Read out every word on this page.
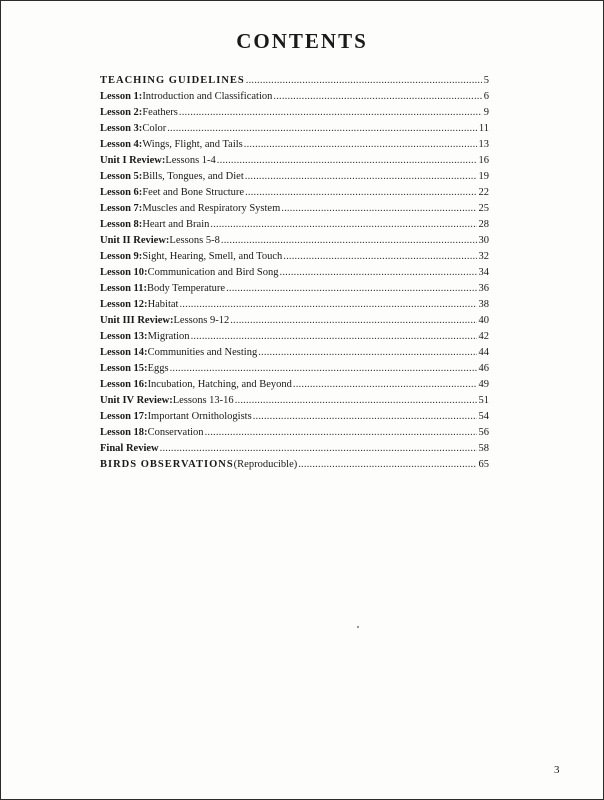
CONTENTS
TEACHING GUIDELINES .....	5
Lesson 1: Introduction and Classification .....	6
Lesson 2: Feathers .....	9
Lesson 3: Color .....	11
Lesson 4: Wings, Flight, and Tails .....	13
Unit I Review: Lessons 1-4 .....	16
Lesson 5: Bills, Tongues, and Diet .....	19
Lesson 6: Feet and Bone Structure .....	22
Lesson 7: Muscles and Respiratory System .....	25
Lesson 8: Heart and Brain .....	28
Unit II Review: Lessons 5-8 .....	30
Lesson 9: Sight, Hearing, Smell, and Touch .....	32
Lesson 10: Communication and Bird Song .....	34
Lesson 11: Body Temperature .....	36
Lesson 12: Habitat .....	38
Unit III Review: Lessons 9-12 .....	40
Lesson 13: Migration .....	42
Lesson 14: Communities and Nesting .....	44
Lesson 15: Eggs .....	46
Lesson 16: Incubation, Hatching, and Beyond .....	49
Unit IV Review: Lessons 13-16 .....	51
Lesson 17: Important Ornithologists .....	54
Lesson 18: Conservation .....	56
Final Review .....	58
BIRDS OBSERVATIONS (Reproducible) .....	65
3
